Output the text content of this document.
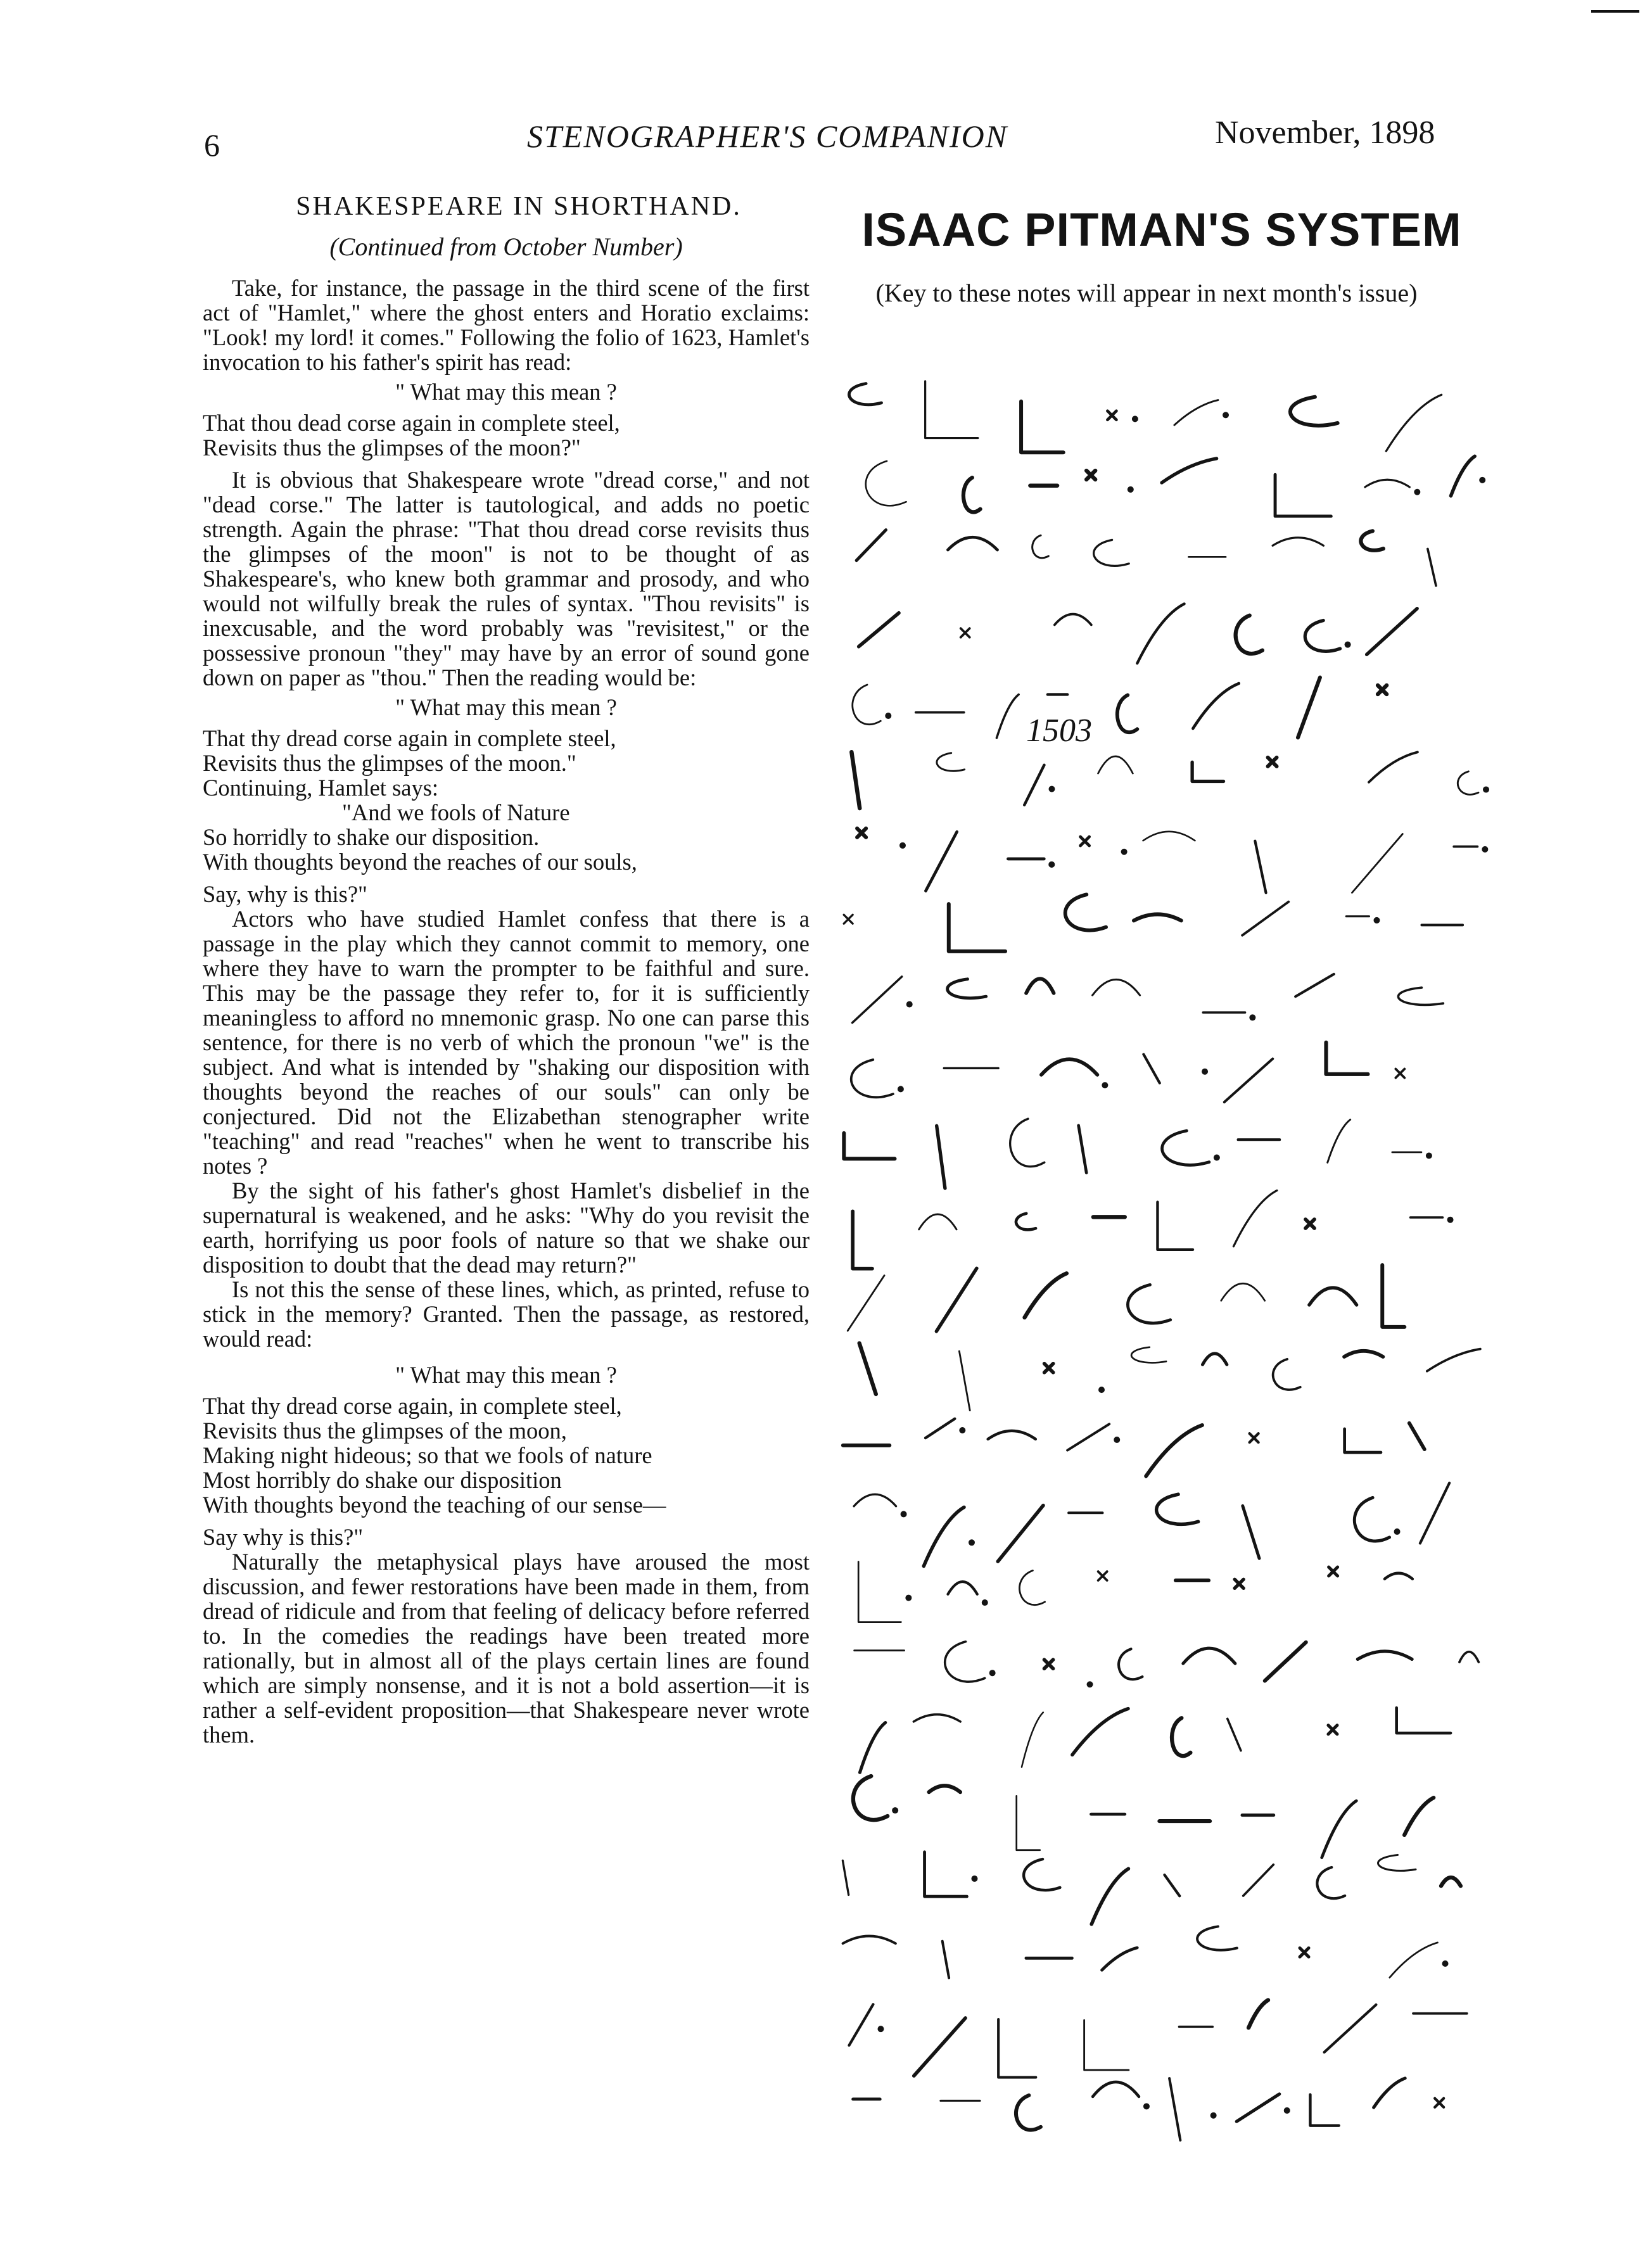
6	STENOGRAPHER'S COMPANION	November, 1898
SHAKESPEARE IN SHORTHAND.
(Continued from October Number)

Take, for instance, the passage in the third scene of the first act of "Hamlet," where the ghost enters and Horatio exclaims: "Look! my lord! it comes." Following the folio of 1623, Hamlet's invocation to his father's spirit has read:

" What may this mean ?

That thou dead corse again in complete steel,

Revisits thus the glimpses of the moon?"

It is obvious that Shakespeare wrote "dread corse," and not "dead corse." The latter is tautological, and adds no poetic strength. Again the phrase: "That thou dread corse revisits thus the glimpses of the moon" is not to be thought of as Shakespeare's, who knew both grammar and prosody, and who would not wilfully break the rules of syntax. "Thou revisits" is inexcusable, and the word probably was "revisitest," or the possessive pronoun "they" may have by an error of sound gone down on paper as "thou." Then the reading would be:

" What may this mean ?

That thy dread corse again in complete steel,

Revisits thus the glimpses of the moon."

Continuing, Hamlet says:

"And we fools of Nature

So horridly to shake our disposition.

With thoughts beyond the reaches of our souls,

Say, why is this?"

Actors who have studied Hamlet confess that there is a passage in the play which they cannot commit to memory, one where they have to warn the prompter to be faithful and sure. This may be the passage they refer to, for it is sufficiently meaningless to afford no mnemonic grasp. No one can parse this sentence, for there is no verb of which the pronoun "we" is the subject. And what is intended by "shaking our disposition with thoughts beyond the reaches of our souls" can only be conjectured. Did not the Elizabethan stenographer write "teaching" and read "reaches" when he went to transcribe his notes ?

By the sight of his father's ghost Hamlet's disbelief in the supernatural is weakened, and he asks: "Why do you revisit the earth, horrifying us poor fools of nature so that we shake our disposition to doubt that the dead may return?"

Is not this the sense of these lines, which, as printed, refuse to stick in the memory? Granted. Then the passage, as restored, would read:

" What may this mean ?

That thy dread corse again, in complete steel,

Revisits thus the glimpses of the moon,

Making night hideous; so that we fools of nature

Most horribly do shake our disposition

With thoughts beyond the teaching of our sense—

Say why is this?"

Naturally the metaphysical plays have aroused the most discussion, and fewer restorations have been made in them, from dread of ridicule and from that feeling of delicacy before referred to. In the comedies the readings have been treated more rationally, but in almost all of the plays certain lines are found which are simply nonsense, and it is not a bold assertion—it is rather a self-evident proposition—that Shakespeare never wrote them.

ISAAC PITMAN'S SYSTEM
(Key to these notes will appear in next month's issue)
1503
